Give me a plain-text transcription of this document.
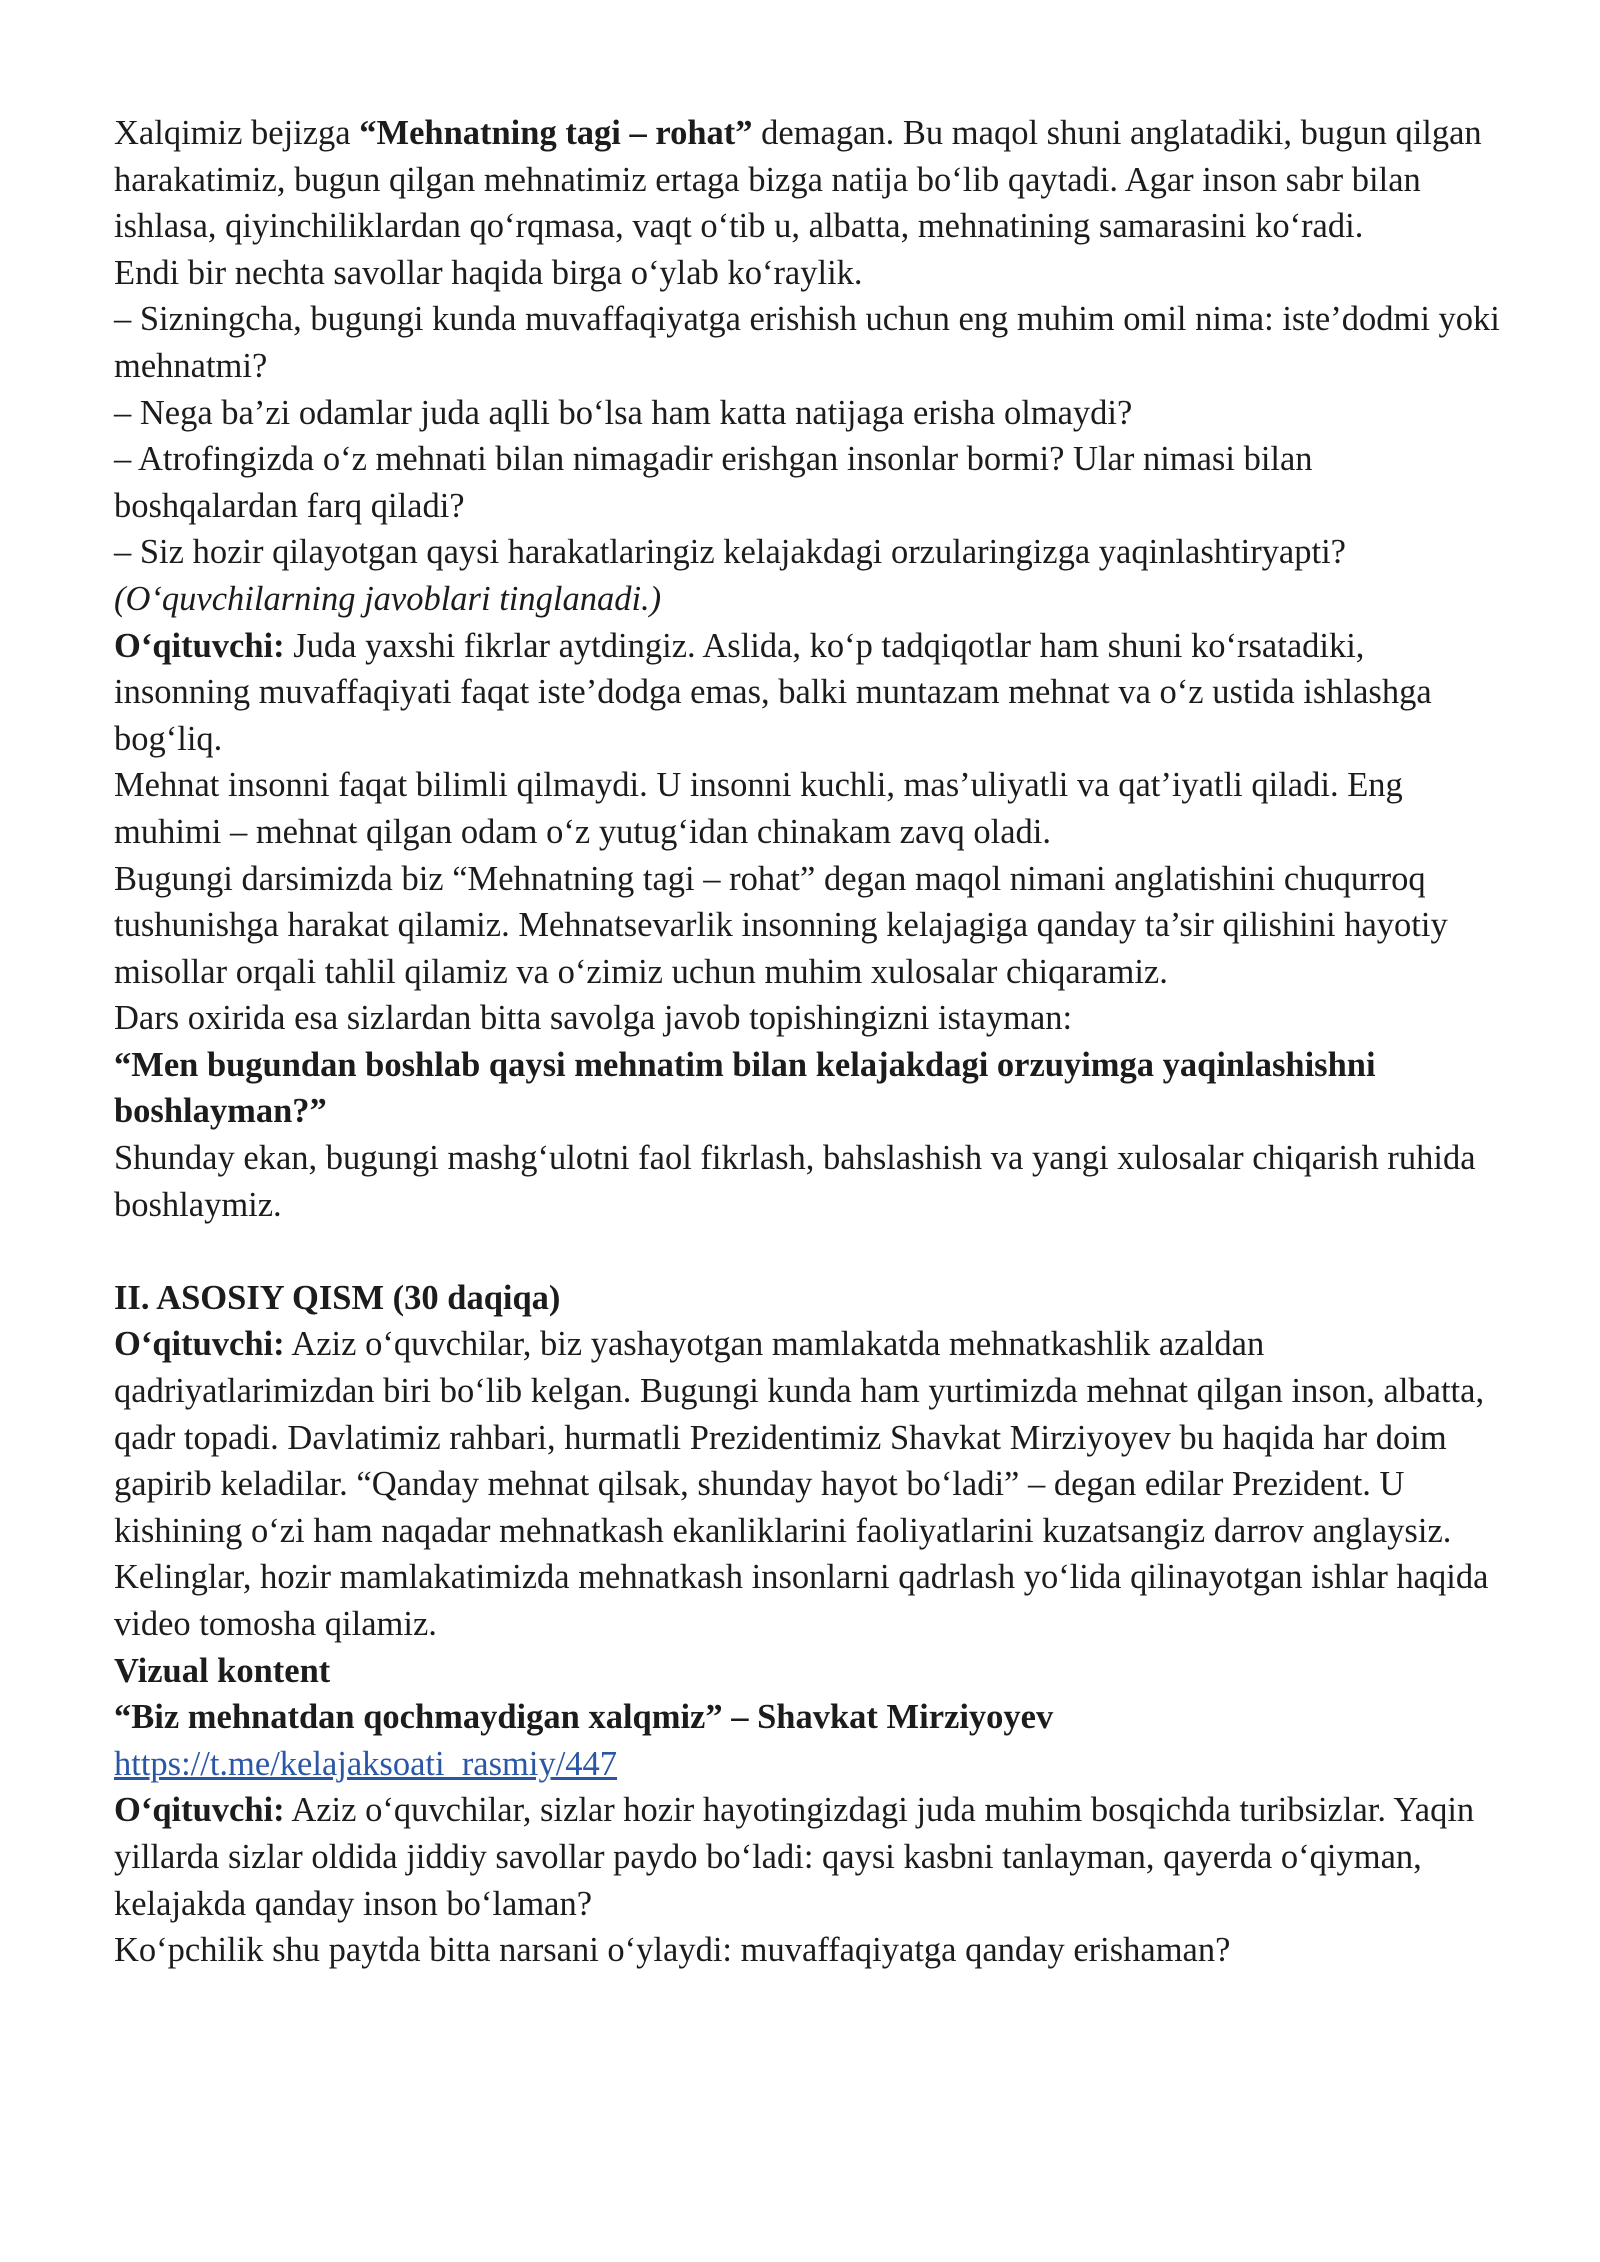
Xalqimiz bejizga “Mehnatning tagi – rohat” demagan. Bu maqol shuni anglatadiki, bugun qilgan harakatimiz, bugun qilgan mehnatimiz ertaga bizga natija bo‘lib qaytadi. Agar inson sabr bilan ishlasa, qiyinchiliklardan qo‘rqmasa, vaqt o‘tib u, albatta, mehnatining samarasini ko‘radi.

Endi bir nechta savollar haqida birga o‘ylab ko‘raylik.

– Sizningcha, bugungi kunda muvaffaqiyatga erishish uchun eng muhim omil nima: iste’dodmi yoki mehnatmi?

– Nega ba’zi odamlar juda aqlli bo‘lsa ham katta natijaga erisha olmaydi?

– Atrofingizda o‘z mehnati bilan nimagadir erishgan insonlar bormi? Ular nimasi bilan boshqalardan farq qiladi?

– Siz hozir qilayotgan qaysi harakatlaringiz kelajakdagi orzularingizga yaqinlashtiryapti?

(O‘quvchilarning javoblari tinglanadi.)

O‘qituvchi: Juda yaxshi fikrlar aytdingiz. Aslida, ko‘p tadqiqotlar ham shuni ko‘rsatadiki, insonning muvaffaqiyati faqat iste’dodga emas, balki muntazam mehnat va o‘z ustida ishlashga bog‘liq.

Mehnat insonni faqat bilimli qilmaydi. U insonni kuchli, mas’uliyatli va qat’iyatli qiladi. Eng muhimi – mehnat qilgan odam o‘z yutug‘idan chinakam zavq oladi.

Bugungi darsimizda biz “Mehnatning tagi – rohat” degan maqol nimani anglatishini chuqurroq tushunishga harakat qilamiz. Mehnatsevarlik insonning kelajagiga qanday ta’sir qilishini hayotiy misollar orqali tahlil qilamiz va o‘zimiz uchun muhim xulosalar chiqaramiz.

Dars oxirida esa sizlardan bitta savolga javob topishingizni istayman:

“Men bugundan boshlab qaysi mehnatim bilan kelajakdagi orzuyimga yaqinlashishni boshlayman?”

Shunday ekan, bugungi mashg‘ulotni faol fikrlash, bahslashish va yangi xulosalar chiqarish ruhida boshlaymiz.

II. ASOSIY QISM (30 daqiqa)

O‘qituvchi: Aziz o‘quvchilar, biz yashayotgan mamlakatda mehnatkashlik azaldan qadriyatlarimizdan biri bo‘lib kelgan. Bugungi kunda ham yurtimizda mehnat qilgan inson, albatta, qadr topadi. Davlatimiz rahbari, hurmatli Prezidentimiz Shavkat Mirziyoyev bu haqida har doim gapirib keladilar. “Qanday mehnat qilsak, shunday hayot bo‘ladi” – degan edilar Prezident. U kishining o‘zi ham naqadar mehnatkash ekanliklarini faoliyatlarini kuzatsangiz darrov anglaysiz. Kelinglar, hozir mamlakatimizda mehnatkash insonlarni qadrlash yo‘lida qilinayotgan ishlar haqida video tomosha qilamiz.

Vizual kontent

“Biz mehnatdan qochmaydigan xalqmiz” – Shavkat Mirziyoyev

https://t.me/kelajaksoati_rasmiy/447

O‘qituvchi: Aziz o‘quvchilar, sizlar hozir hayotingizdagi juda muhim bosqichda turibsizlar. Yaqin yillarda sizlar oldida jiddiy savollar paydo bo‘ladi: qaysi kasbni tanlayman, qayerda o‘qiyman, kelajakda qanday inson bo‘laman?

Ko‘pchilik shu paytda bitta narsani o‘ylaydi: muvaffaqiyatga qanday erishaman?
